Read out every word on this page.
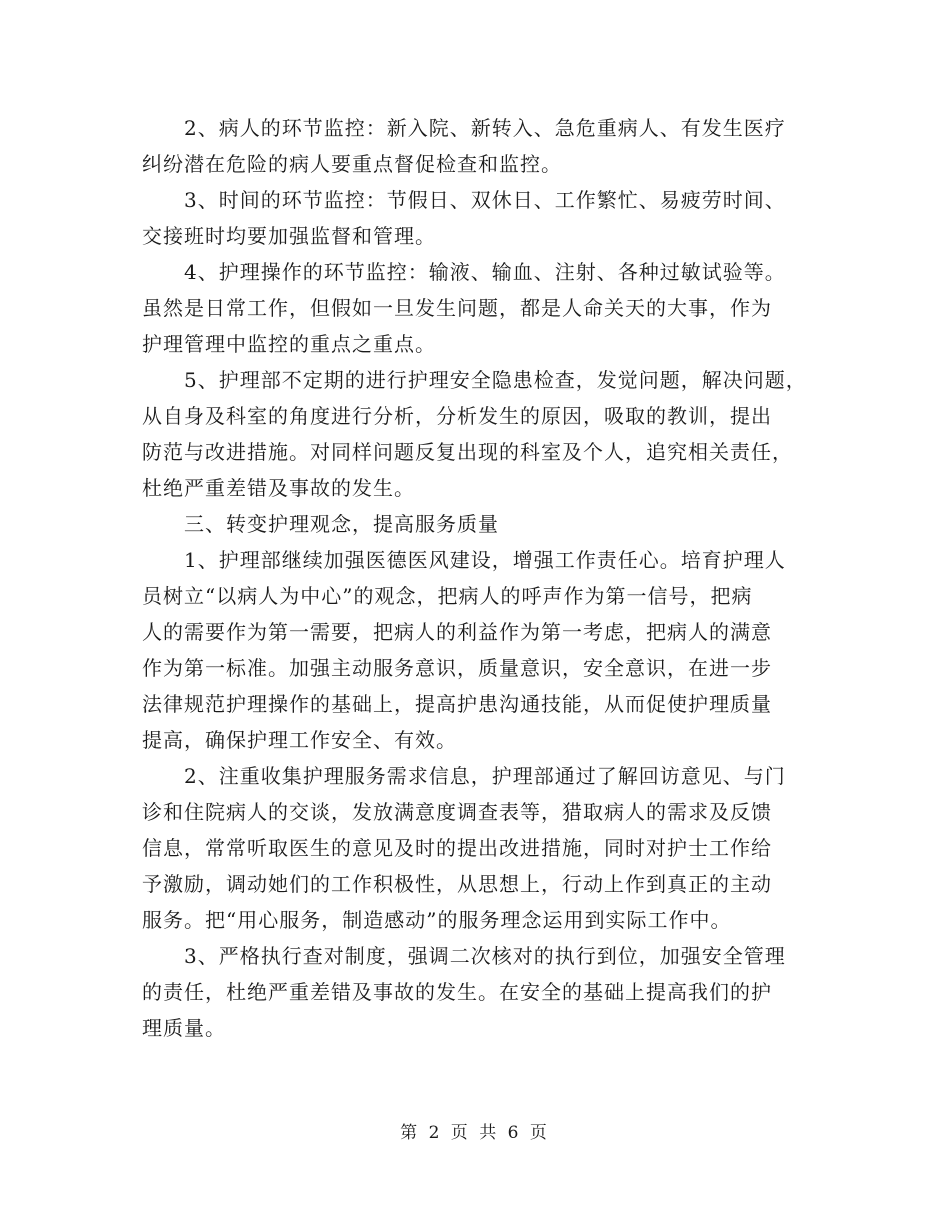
2、病人的环节监控：新入院、新转入、急危重病人、有发生医疗
纠纷潜在危险的病人要重点督促检查和监控。
3、时间的环节监控：节假日、双休日、工作繁忙、易疲劳时间、
交接班时均要加强监督和管理。
4、护理操作的环节监控：输液、输血、注射、各种过敏试验等。
虽然是日常工作，但假如一旦发生问题，都是人命关天的大事，作为
护理管理中监控的重点之重点。
5、护理部不定期的进行护理安全隐患检查，发觉问题，解决问题，
从自身及科室的角度进行分析，分析发生的原因，吸取的教训，提出
防范与改进措施。对同样问题反复出现的科室及个人，追究相关责任，
杜绝严重差错及事故的发生。
三、转变护理观念，提高服务质量
1、护理部继续加强医德医风建设，增强工作责任心。培育护理人
员树立“以病人为中心”的观念，把病人的呼声作为第一信号，把病
人的需要作为第一需要，把病人的利益作为第一考虑，把病人的满意
作为第一标准。加强主动服务意识，质量意识，安全意识，在进一步
法律规范护理操作的基础上，提高护患沟通技能，从而促使护理质量
提高，确保护理工作安全、有效。
2、注重收集护理服务需求信息，护理部通过了解回访意见、与门
诊和住院病人的交谈，发放满意度调查表等，猎取病人的需求及反馈
信息，常常听取医生的意见及时的提出改进措施，同时对护士工作给
予激励，调动她们的工作积极性，从思想上，行动上作到真正的主动
服务。把“用心服务，制造感动”的服务理念运用到实际工作中。
3、严格执行查对制度，强调二次核对的执行到位，加强安全管理
的责任，杜绝严重差错及事故的发生。在安全的基础上提高我们的护
理质量。
第 2 页 共 6 页
